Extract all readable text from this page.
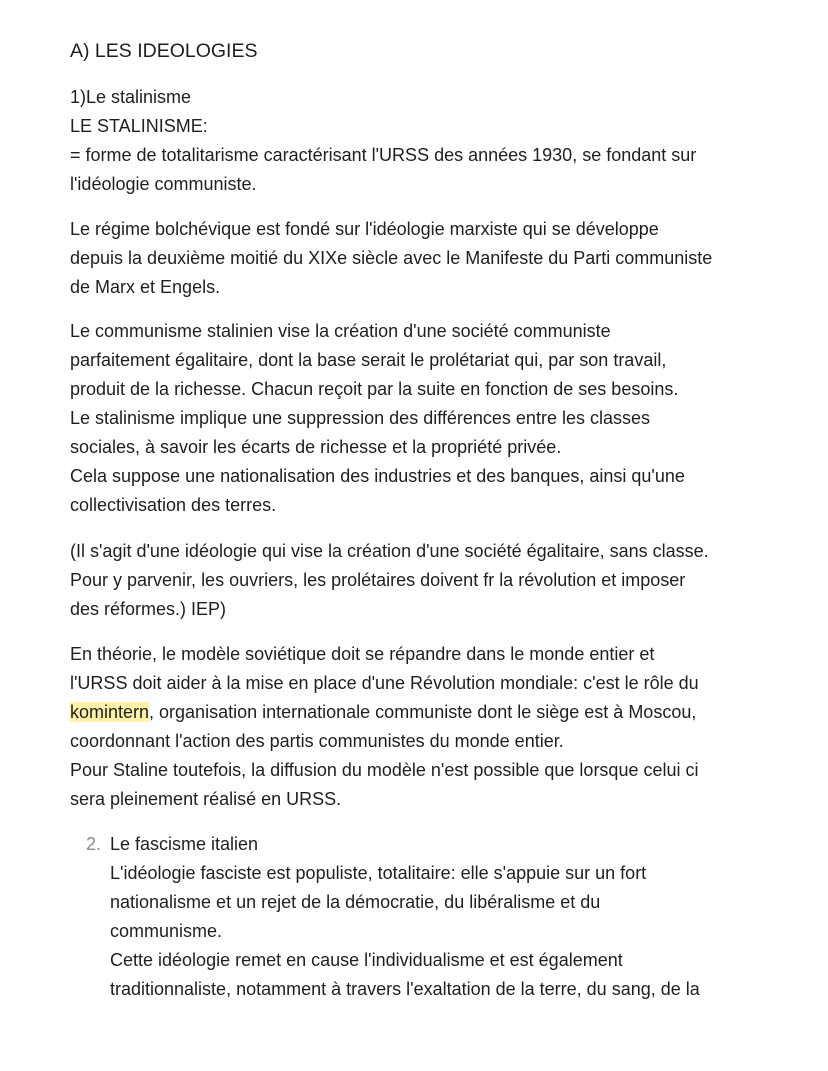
A) LES IDEOLOGIES
1)Le stalinisme
LE STALINISME:
= forme de totalitarisme caractérisant l'URSS des années 1930, se fondant sur
l'idéologie communiste.
Le régime bolchévique est fondé sur l'idéologie marxiste qui se développe
depuis la deuxième moitié du XIXe siècle avec le Manifeste du Parti communiste
de Marx et Engels.
Le communisme stalinien vise la création d'une société communiste
parfaitement égalitaire, dont la base serait le prolétariat qui, par son travail,
produit de la richesse. Chacun reçoit par la suite en fonction de ses besoins.
Le stalinisme implique une suppression des différences entre les classes
sociales, à savoir les écarts de richesse et la propriété privée.
Cela suppose une nationalisation des industries et des banques, ainsi qu'une
collectivisation des terres.
(Il s'agit d'une idéologie qui vise la création d'une société égalitaire, sans classe.
Pour y parvenir, les ouvriers, les prolétaires doivent fr la révolution et imposer
des réformes.) IEP)
En théorie, le modèle soviétique doit se répandre dans le monde entier et
l'URSS doit aider à la mise en place d'une Révolution mondiale: c'est le rôle du
komintern, organisation internationale communiste dont le siège est à Moscou,
coordonnant l'action des partis communistes du monde entier.
Pour Staline toutefois, la diffusion du modèle n'est possible que lorsque celui ci
sera pleinement réalisé en URSS.
2. Le fascisme italien
L'idéologie fasciste est populiste, totalitaire: elle s'appuie sur un fort
nationalisme et un rejet de la démocratie, du libéralisme et du
communisme.
Cette idéologie remet en cause l'individualisme et est également
traditionnaliste, notamment à travers l'exaltation de la terre, du sang, de la
